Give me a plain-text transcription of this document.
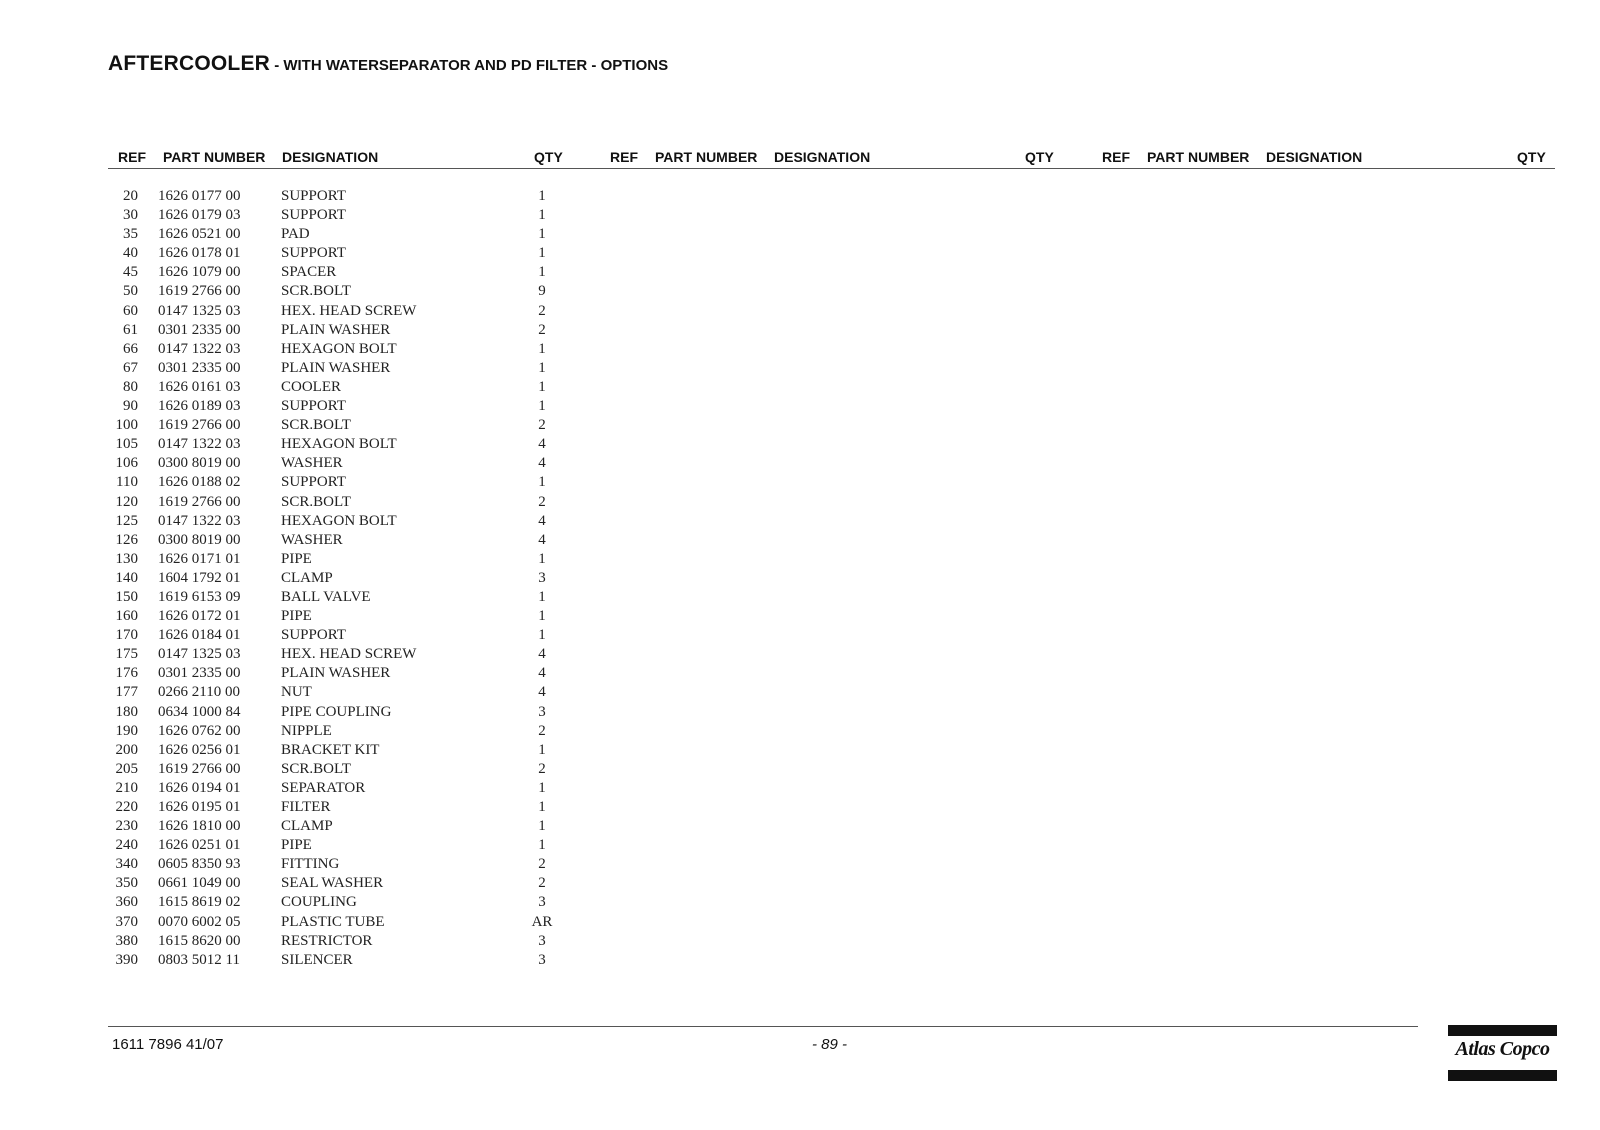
AFTERCOOLER - WITH WATERSEPARATOR AND PD FILTER - OPTIONS
REF PART NUMBER DESIGNATION	QTY	REF PART NUMBER DESIGNATION	QTY	REF PART NUMBER DESIGNATION	QTY
20 1626 0177 00	SUPPORT	1
30 1626 0179 03	SUPPORT	1
35 1626 0521 00	PAD	1
40 1626 0178 01	SUPPORT	1
45 1626 1079 00	SPACER	1
50 1619 2766 00	SCR.BOLT	9
60 0147 1325 03	HEX. HEAD SCREW	2
61 0301 2335 00	PLAIN WASHER	2
66 0147 1322 03	HEXAGON BOLT	1
67 0301 2335 00	PLAIN WASHER	1
80 1626 0161 03	COOLER	1
90 1626 0189 03	SUPPORT	1
100 1619 2766 00	SCR.BOLT	2
105 0147 1322 03	HEXAGON BOLT	4
106 0300 8019 00	WASHER	4
110 1626 0188 02	SUPPORT	1
120 1619 2766 00	SCR.BOLT	2
125 0147 1322 03	HEXAGON BOLT	4
126 0300 8019 00	WASHER	4
130 1626 0171 01	PIPE	1
140 1604 1792 01	CLAMP	3
150 1619 6153 09	BALL VALVE	1
160 1626 0172 01	PIPE	1
170 1626 0184 01	SUPPORT	1
175 0147 1325 03	HEX. HEAD SCREW	4
176 0301 2335 00	PLAIN WASHER	4
177 0266 2110 00	NUT	4
180 0634 1000 84	PIPE COUPLING	3
190 1626 0762 00	NIPPLE	2
200 1626 0256 01	BRACKET KIT	1
205 1619 2766 00	SCR.BOLT	2
210 1626 0194 01	SEPARATOR	1
220 1626 0195 01	FILTER	1
230 1626 1810 00	CLAMP	1
240 1626 0251 01	PIPE	1
340 0605 8350 93	FITTING	2
350 0661 1049 00	SEAL WASHER	2
360 1615 8619 02	COUPLING	3
370 0070 6002 05	PLASTIC TUBE	AR
380 1615 8620 00	RESTRICTOR	3
390 0803 5012 11	SILENCER	3
1611 7896 41/07	- 89 -	Atlas Copco
